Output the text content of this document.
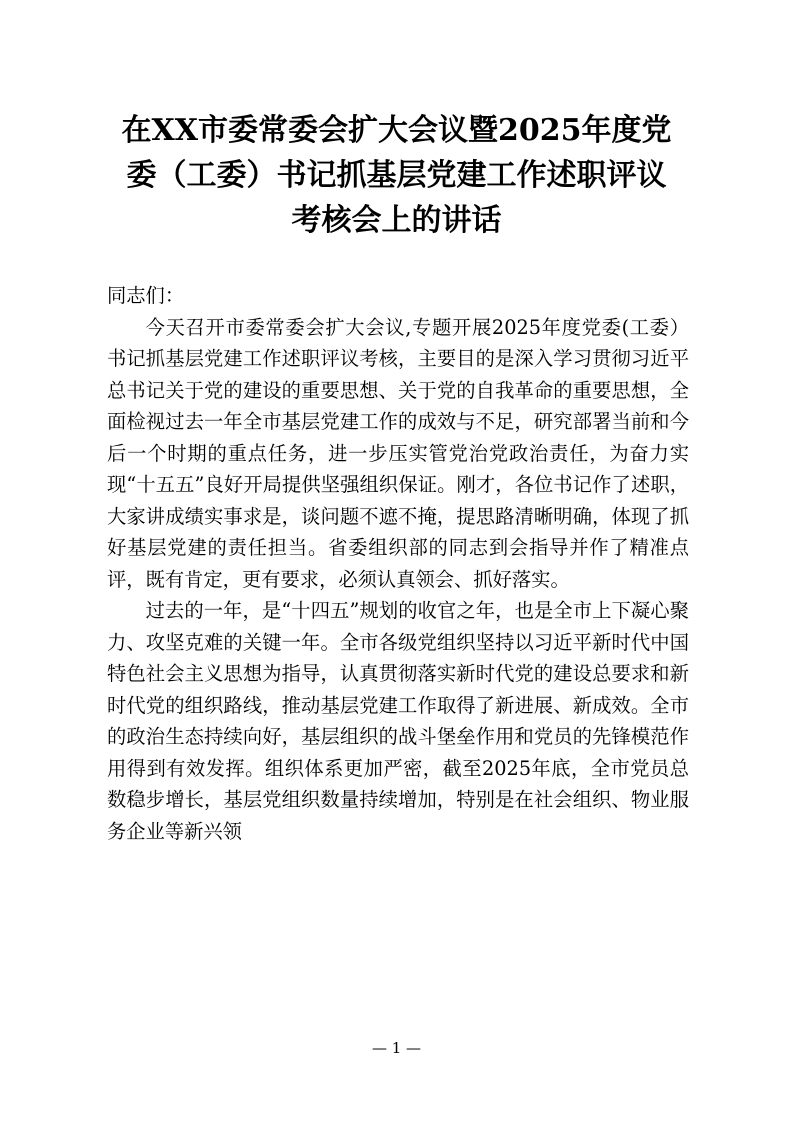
在XX市委常委会扩大会议暨2025年度党
委（工委）书记抓基层党建工作述职评议
考核会上的讲话

同志们：

今天召开市委常委会扩大会议,专题开展2025年度党委(工委）书记抓基层党建工作述职评议考核，主要目的是深入学习贯彻习近平总书记关于党的建设的重要思想、关于党的自我革命的重要思想，全面检视过去一年全市基层党建工作的成效与不足，研究部署当前和今后一个时期的重点任务，进一步压实管党治党政治责任，为奋力实现“十五五”良好开局提供坚强组织保证。刚才，各位书记作了述职，大家讲成绩实事求是，谈问题不遮不掩，提思路清晰明确，体现了抓好基层党建的责任担当。省委组织部的同志到会指导并作了精准点评，既有肯定，更有要求，必须认真领会、抓好落实。

过去的一年，是“十四五”规划的收官之年，也是全市上下凝心聚力、攻坚克难的关键一年。全市各级党组织坚持以习近平新时代中国特色社会主义思想为指导，认真贯彻落实新时代党的建设总要求和新时代党的组织路线，推动基层党建工作取得了新进展、新成效。全市的政治生态持续向好，基层组织的战斗堡垒作用和党员的先锋模范作用得到有效发挥。组织体系更加严密，截至2025年底，全市党员总数稳步增长，基层党组织数量持续增加，特别是在社会组织、物业服务企业等新兴领

— 1 —
